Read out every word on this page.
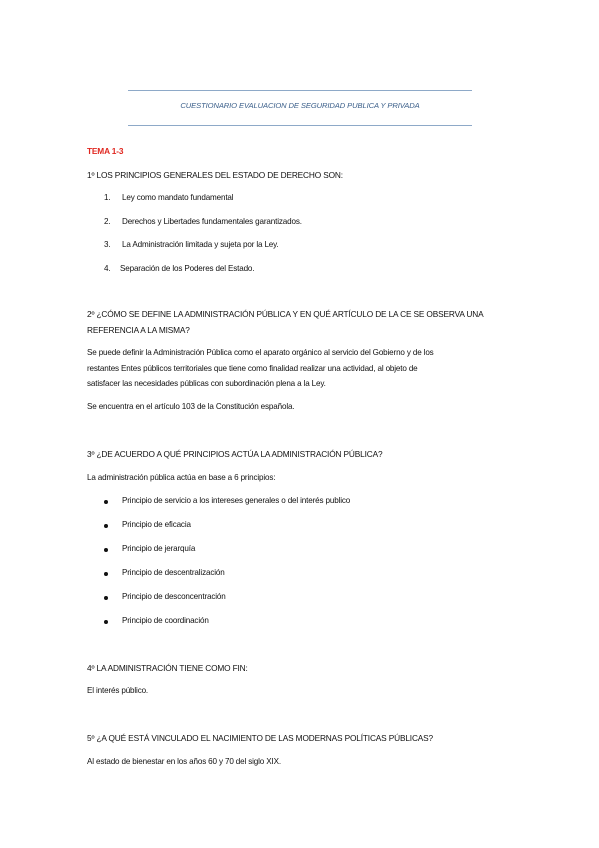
CUESTIONARIO EVALUACION DE SEGURIDAD PUBLICA Y PRIVADA
TEMA 1-3
1º LOS PRINCIPIOS GENERALES DEL ESTADO DE DERECHO SON:
1. Ley como mandato fundamental
2. Derechos y Libertades fundamentales garantizados.
3. La Administración limitada y sujeta por la Ley.
4. Separación de los Poderes del Estado.
2º ¿CÓMO SE DEFINE LA ADMINISTRACIÓN PÚBLICA Y EN QUÉ ARTÍCULO DE LA CE SE OBSERVA UNA
REFERENCIA A LA MISMA?
Se puede definir la Administración Pública como el aparato orgánico al servicio del Gobierno y de los
restantes Entes públicos territoriales que tiene como finalidad realizar una actividad, al objeto de
satisfacer las necesidades públicas con subordinación plena a la Ley.
Se encuentra en el artículo 103 de la Constitución española.
3º ¿DE ACUERDO A QUÉ PRINCIPIOS ACTÚA LA ADMINISTRACIÓN PÚBLICA?
La administración pública actúa en base a 6 principios:
Principio de servicio a los intereses generales o del interés publico
Principio de eficacia
Principio de jerarquía
Principio de descentralización
Principio de desconcentración
Principio de coordinación
4º LA ADMINISTRACIÓN TIENE COMO FIN:
El interés público.
5º ¿A QUÉ ESTÁ VINCULADO EL NACIMIENTO DE LAS MODERNAS POLÍTICAS PÚBLICAS?
Al estado de bienestar en los años 60 y 70 del siglo XIX.
